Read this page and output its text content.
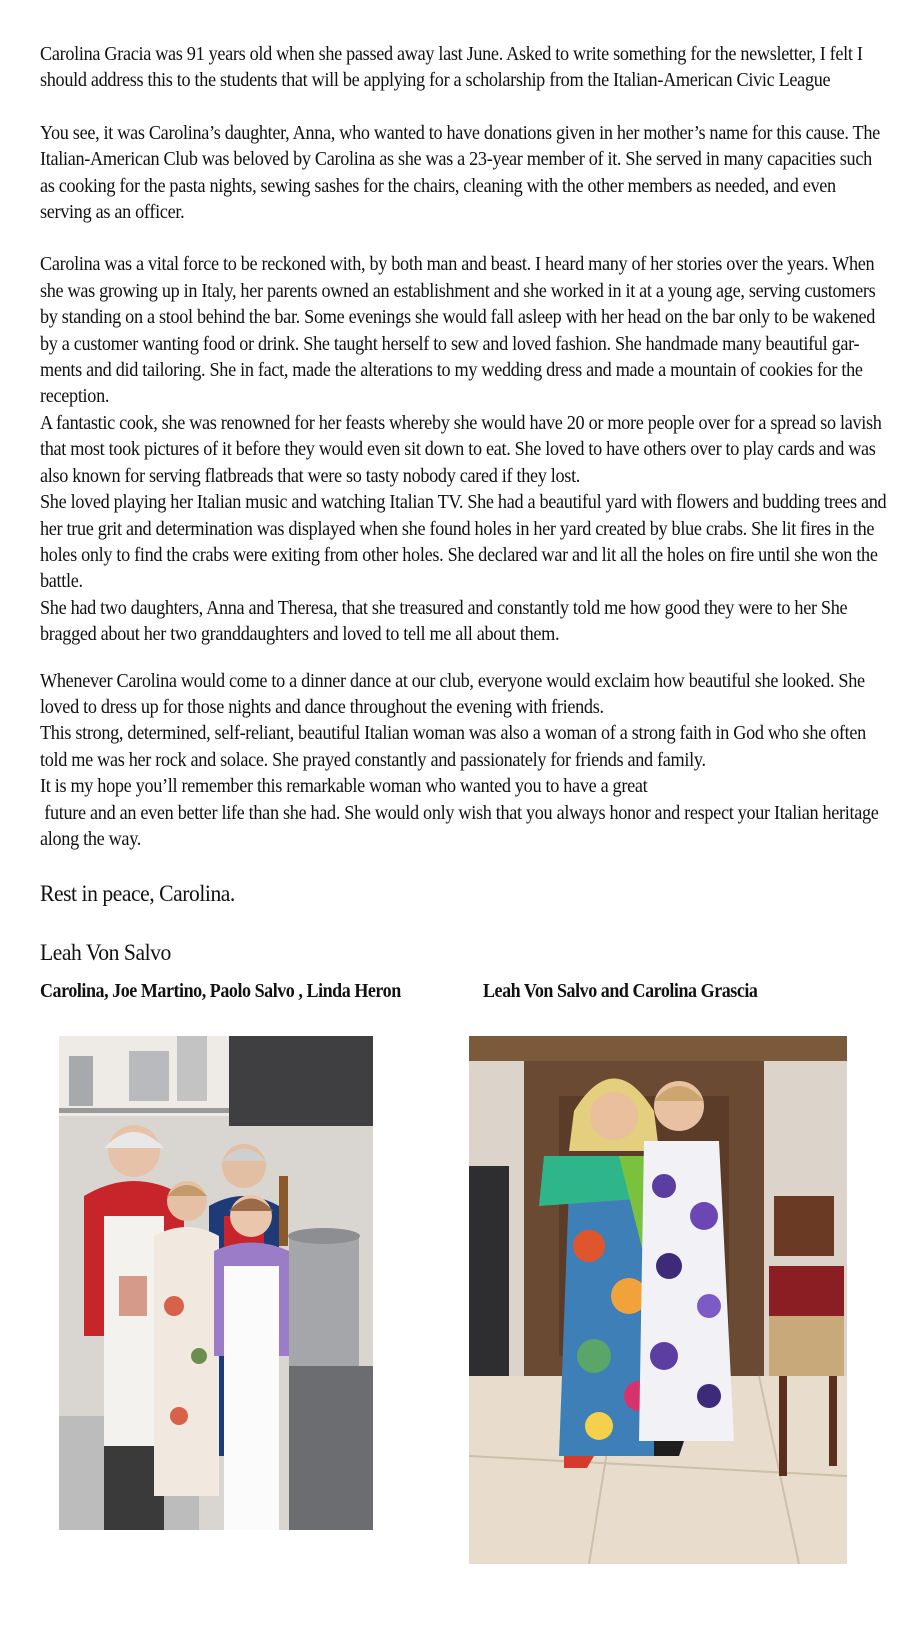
Carolina Gracia was 91 years old when she passed away last June. Asked to write something for the newsletter, I felt I should address this to the students that will be applying for a scholarship from the Italian-American Civic League

You see, it was Carolina’s daughter, Anna, who wanted to have donations given in her mother’s name for this cause. The Italian-American Club was beloved by Carolina as she was a 23-year member of it. She served in many capacities such as cooking for the pasta nights, sewing sashes for the chairs, cleaning with the other members as needed, and even serving as an officer.

Carolina was a vital force to be reckoned with, by both man and beast. I heard many of her stories over the years. When she was growing up in Italy, her parents owned an establishment and she worked in it at a young age, serving customers by standing on a stool behind the bar. Some evenings she would fall asleep with her head on the bar only to be wakened by a customer wanting food or drink. She taught herself to sew and loved fashion. She handmade many beautiful gar-ments and did tailoring. She in fact, made the alterations to my wedding dress and made a mountain of cookies for the reception.

A fantastic cook, she was renowned for her feasts whereby she would have 20 or more people over for a spread so lavish that most took pictures of it before they would even sit down to eat. She loved to have others over to play cards and was also known for serving flatbreads that were so tasty nobody cared if they lost.

She loved playing her Italian music and watching Italian TV. She had a beautiful yard with flowers and budding trees and her true grit and determination was displayed when she found holes in her yard created by blue crabs. She lit fires in the holes only to find the crabs were exiting from other holes. She declared war and lit all the holes on fire until she won the battle.

She had two daughters, Anna and Theresa, that she treasured and constantly told me how good they were to her She bragged about her two granddaughters and loved to tell me all about them.

Whenever Carolina would come to a dinner dance at our club, everyone would exclaim how beautiful she looked. She loved to dress up for those nights and dance throughout the evening with friends.

This strong, determined, self-reliant, beautiful Italian woman was also a woman of a strong faith in God who she often told me was her rock and solace. She prayed constantly and passionately for friends and family.

It is my hope you’ll remember this remarkable woman who wanted you to have a great

future and an even better life than she had. She would only wish that you always honor and respect your Italian heritage along the way.

Rest in peace, Carolina.

Leah Von Salvo

Carolina, Joe Martino, Paolo Salvo , Linda Heron	Leah Von Salvo and Carolina Grascia
